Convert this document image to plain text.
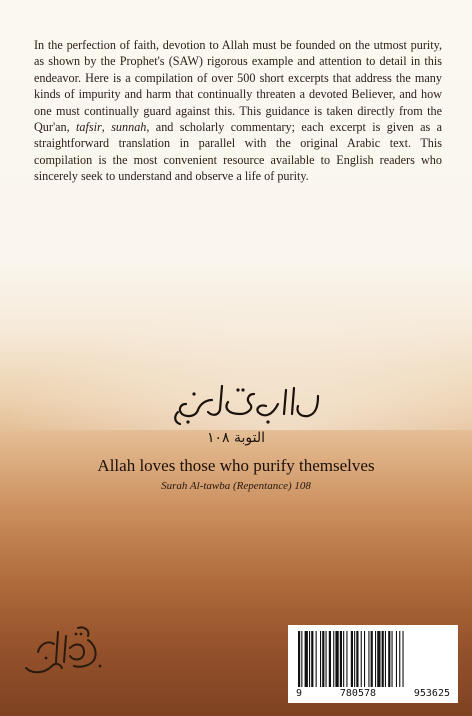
In the perfection of faith, devotion to Allah must be founded on the utmost purity, as shown by the Prophet's (SAW) rigorous example and attention to detail in this endeavor. Here is a compilation of over 500 short excerpts that address the many kinds of impurity and harm that continually threaten a devoted Believer, and how one must continually guard against this. This guidance is taken directly from the Qur'an, tafsir, sunnah, and scholarly commentary; each excerpt is given as a straightforward translation in parallel with the original Arabic text. This compilation is the most convenient resource available to English readers who sincerely seek to understand and observe a life of purity.

التوبة ١٠٨
Allah loves those who purify themselves
Surah Al-tawba (Repentance) 108
9	780578	953625
